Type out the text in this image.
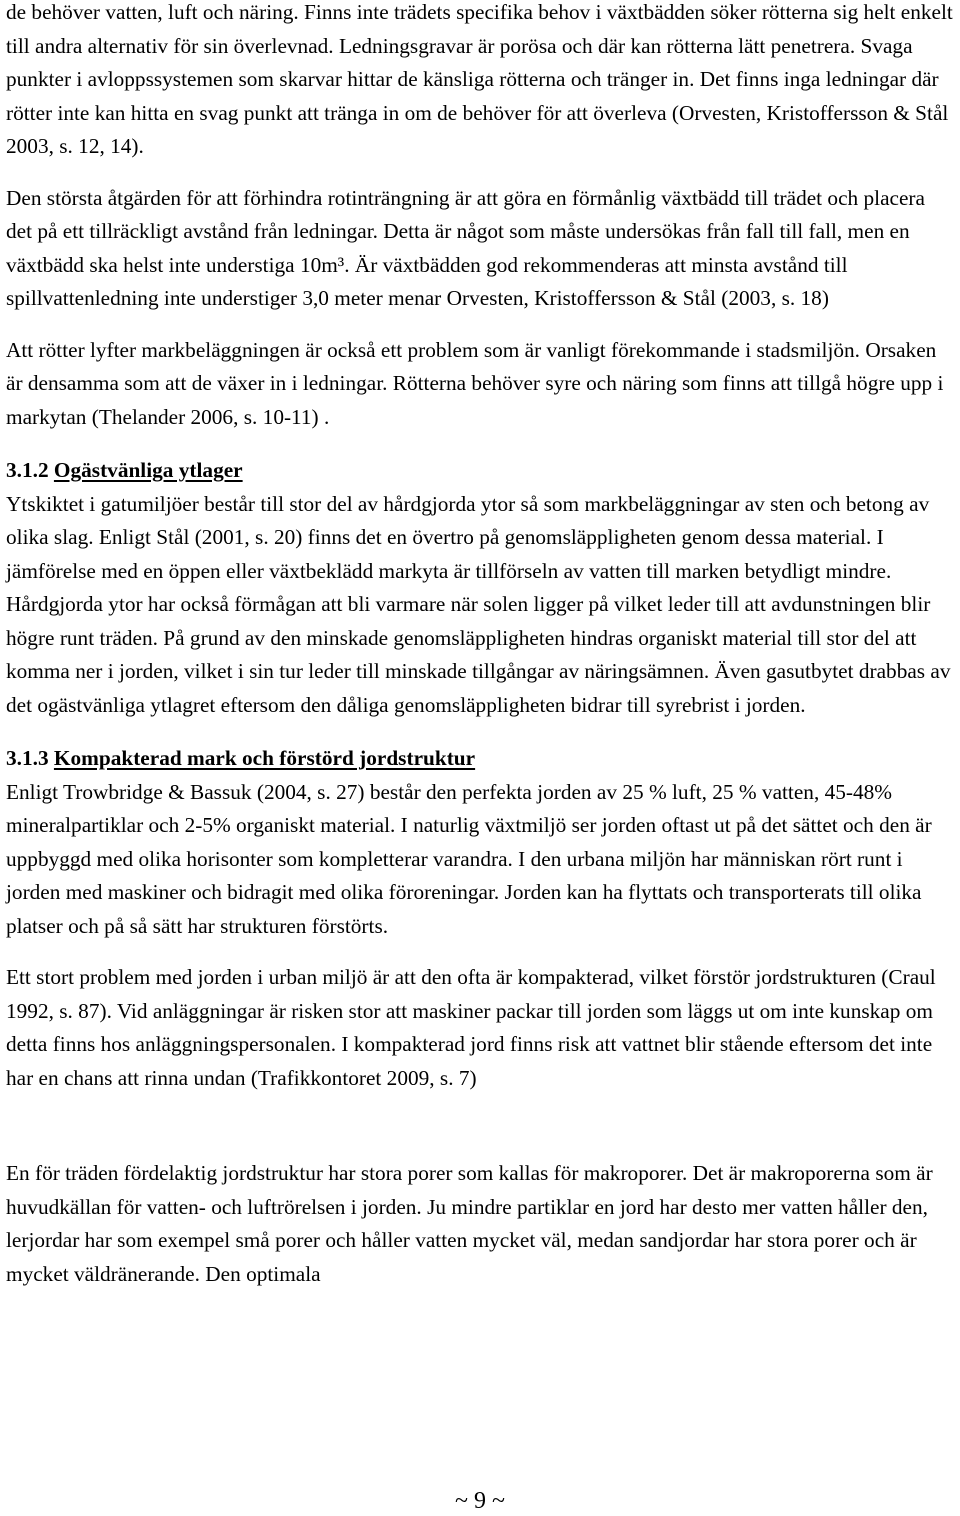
de behöver vatten, luft och näring. Finns inte trädets specifika behov i växtbädden söker rötterna sig helt enkelt till andra alternativ för sin överlevnad. Ledningsgravar är porösa och där kan rötterna lätt penetrera. Svaga punkter i avloppssystemen som skarvar hittar de känsliga rötterna och tränger in. Det finns inga ledningar där rötter inte kan hitta en svag punkt att tränga in om de behöver för att överleva (Orvesten, Kristoffersson & Stål 2003, s. 12, 14).

Den största åtgärden för att förhindra rotinträngning är att göra en förmånlig växtbädd till trädet och placera det på ett tillräckligt avstånd från ledningar. Detta är något som måste undersökas från fall till fall, men en växtbädd ska helst inte understiga 10m³. Är växtbädden god rekommenderas att minsta avstånd till spillvattenledning inte understiger 3,0 meter menar Orvesten, Kristoffersson & Stål (2003, s. 18)

Att rötter lyfter markbeläggningen är också ett problem som är vanligt förekommande i stadsmiljön. Orsaken är densamma som att de växer in i ledningar. Rötterna behöver syre och näring som finns att tillgå högre upp i markytan (Thelander 2006, s. 10-11) .

3.1.2 Ogästvänliga ytlager

Ytskiktet i gatumiljöer består till stor del av hårdgjorda ytor så som markbeläggningar av sten och betong av olika slag. Enligt Stål (2001, s. 20) finns det en övertro på genomsläppligheten genom dessa material. I jämförelse med en öppen eller växtbeklädd markyta är tillförseln av vatten till marken betydligt mindre. Hårdgjorda ytor har också förmågan att bli varmare när solen ligger på vilket leder till att avdunstningen blir högre runt träden. På grund av den minskade genomsläppligheten hindras organiskt material till stor del att komma ner i jorden, vilket i sin tur leder till minskade tillgångar av näringsämnen. Även gasutbytet drabbas av det ogästvänliga ytlagret eftersom den dåliga genomsläppligheten bidrar till syrebrist i jorden.

3.1.3 Kompakterad mark och förstörd jordstruktur

Enligt Trowbridge & Bassuk (2004, s. 27) består den perfekta jorden av 25 % luft, 25 % vatten, 45-48% mineralpartiklar och 2-5% organiskt material. I naturlig växtmiljö ser jorden oftast ut på det sättet och den är uppbyggd med olika horisonter som kompletterar varandra. I den urbana miljön har människan rört runt i jorden med maskiner och bidragit med olika föroreningar. Jorden kan ha flyttats och transporterats till olika platser och på så sätt har strukturen förstörts.

Ett stort problem med jorden i urban miljö är att den ofta är kompakterad, vilket förstör jordstrukturen (Craul 1992, s. 87). Vid anläggningar är risken stor att maskiner packar till jorden som läggs ut om inte kunskap om detta finns hos anläggningspersonalen. I kompakterad jord finns risk att vattnet blir stående eftersom det inte har en chans att rinna undan (Trafikkontoret 2009, s. 7)

En för träden fördelaktig jordstruktur har stora porer som kallas för makroporer. Det är makroporerna som är huvudkällan för vatten- och luftrörelsen i jorden. Ju mindre partiklar en jord har desto mer vatten håller den, lerjordar har som exempel små porer och håller vatten mycket väl, medan sandjordar har stora porer och är mycket väldränerande. Den optimala

~ 9 ~
